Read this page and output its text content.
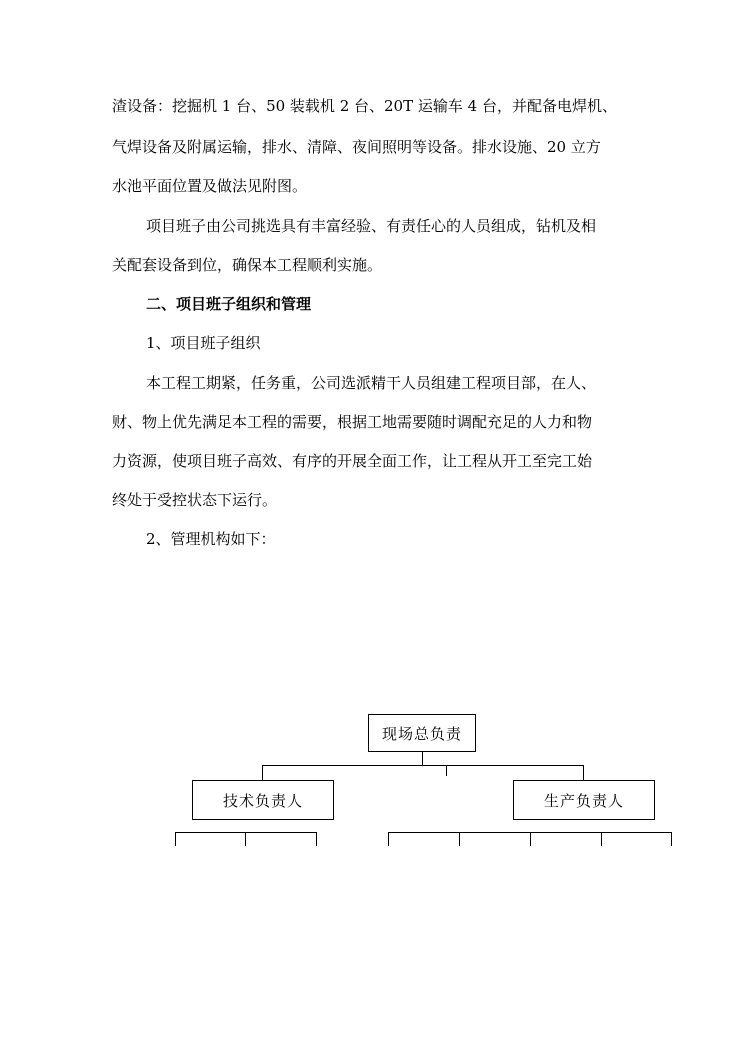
渣设备：挖掘机 1 台、50 装载机 2 台、20T 运输车 4 台，并配备电焊机、
气焊设备及附属运输，排水、清障、夜间照明等设备。排水设施、20 立方
水池平面位置及做法见附图。
项目班子由公司挑选具有丰富经验、有责任心的人员组成，钻机及相
关配套设备到位，确保本工程顺利实施。
二、项目班子组织和管理
1、项目班子组织
本工程工期紧，任务重，公司选派精干人员组建工程项目部，在人、
财、物上优先满足本工程的需要，根据工地需要随时调配充足的人力和物
力资源，使项目班子高效、有序的开展全面工作，让工程从开工至完工始
终处于受控状态下运行。
2、管理机构如下：
现场总负责
技术负责人	生产负责人
